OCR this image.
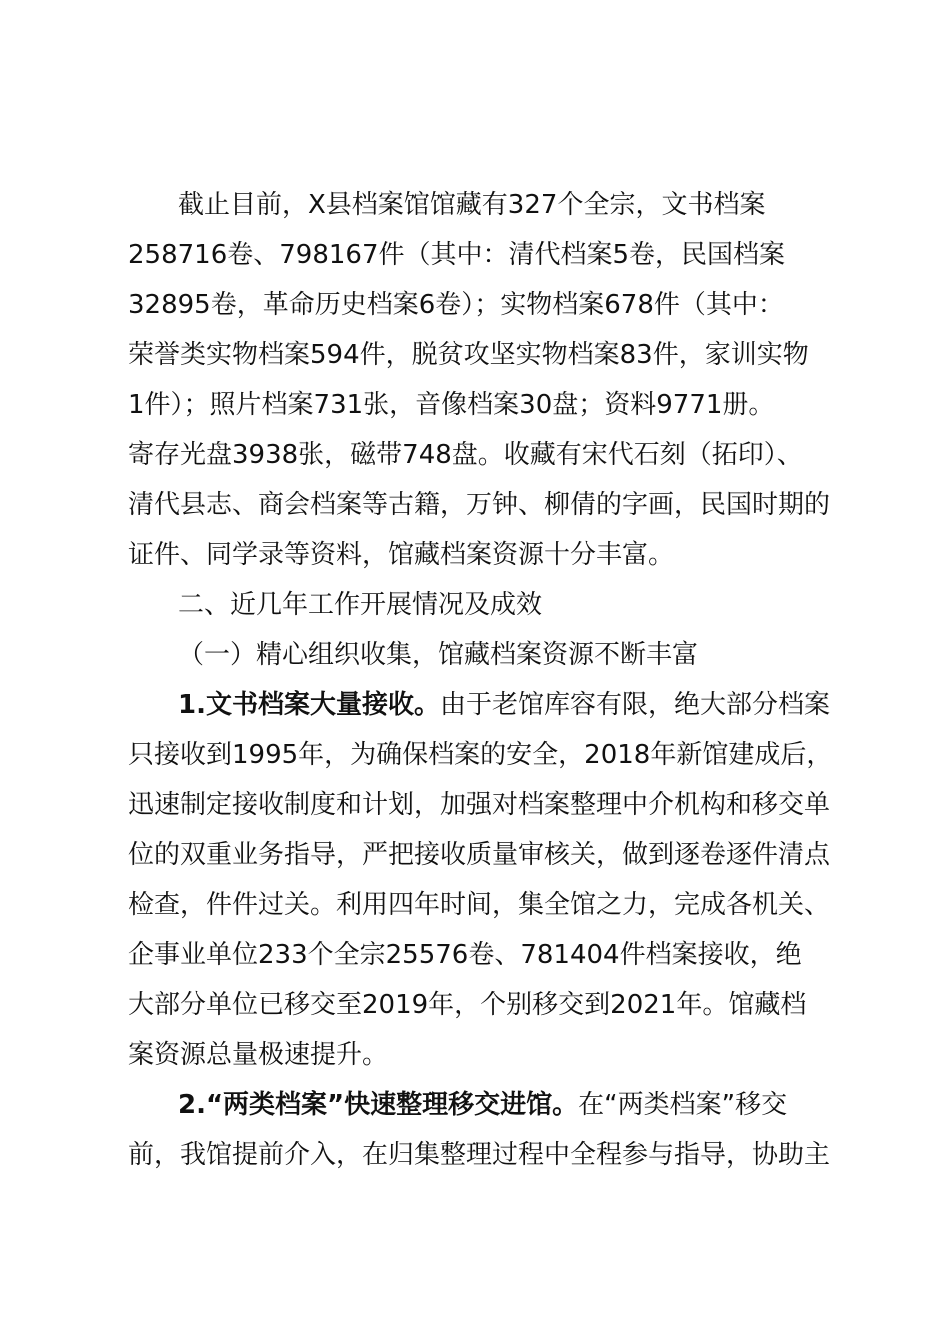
截止目前，X县档案馆馆藏有327个全宗，文书档案

258716卷、798167件（其中：清代档案5卷，民国档案

32895卷，革命历史档案6卷）；实物档案678件（其中：

荣誉类实物档案594件，脱贫攻坚实物档案83件，家训实物

1件）；照片档案731张，音像档案30盘；资料9771册。

寄存光盘3938张，磁带748盘。收藏有宋代石刻（拓印）、

清代县志、商会档案等古籍，万钟、柳倩的字画，民国时期的

证件、同学录等资料，馆藏档案资源十分丰富。

二、近几年工作开展情况及成效

（一）精心组织收集，馆藏档案资源不断丰富

1.文书档案大量接收。由于老馆库容有限，绝大部分档案

只接收到1995年，为确保档案的安全，2018年新馆建成后，

迅速制定接收制度和计划，加强对档案整理中介机构和移交单

位的双重业务指导，严把接收质量审核关，做到逐卷逐件清点

检查，件件过关。利用四年时间，集全馆之力，完成各机关、

企事业单位233个全宗25576卷、781404件档案接收，绝

大部分单位已移交至2019年，个别移交到2021年。馆藏档

案资源总量极速提升。

2.“两类档案”快速整理移交进馆。在“两类档案”移交

前，我馆提前介入，在归集整理过程中全程参与指导，协助主
